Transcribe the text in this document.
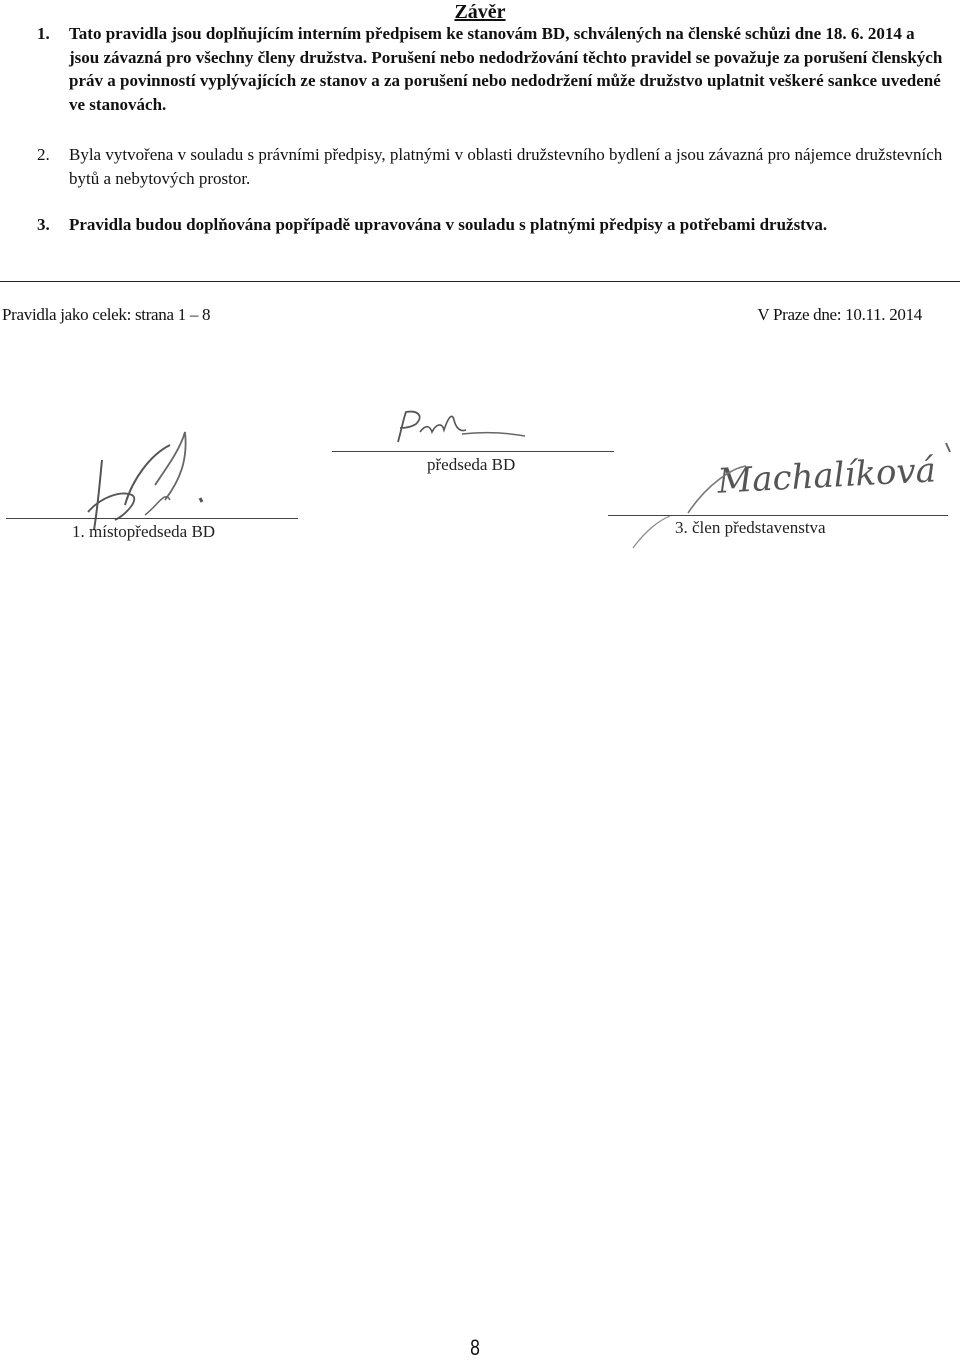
Závěr
1. Tato pravidla jsou doplňujícím interním předpisem ke stanovám BD, schválených na členské schůzi dne 18. 6. 2014 a jsou závazná pro všechny členy družstva. Porušení nebo nedodržování těchto pravidel se považuje za porušení členských práv a povinností vyplývajících ze stanov a za porušení nebo nedodržení může družstvo uplatnit veškeré sankce uvedené ve stanovách.
2. Byla vytvořena v souladu s právními předpisy, platnými v oblasti družstevního bydlení a jsou závazná pro nájemce družstevních bytů a nebytových prostor.
3. Pravidla budou doplňována popřípadě upravována v souladu s platnými předpisy a potřebami družstva.
Pravidla jako celek: strana 1 – 8	V Praze dne: 10.11. 2014
1. místopředseda BD
předseda BD	Machalíková
3. člen představenstva
8
